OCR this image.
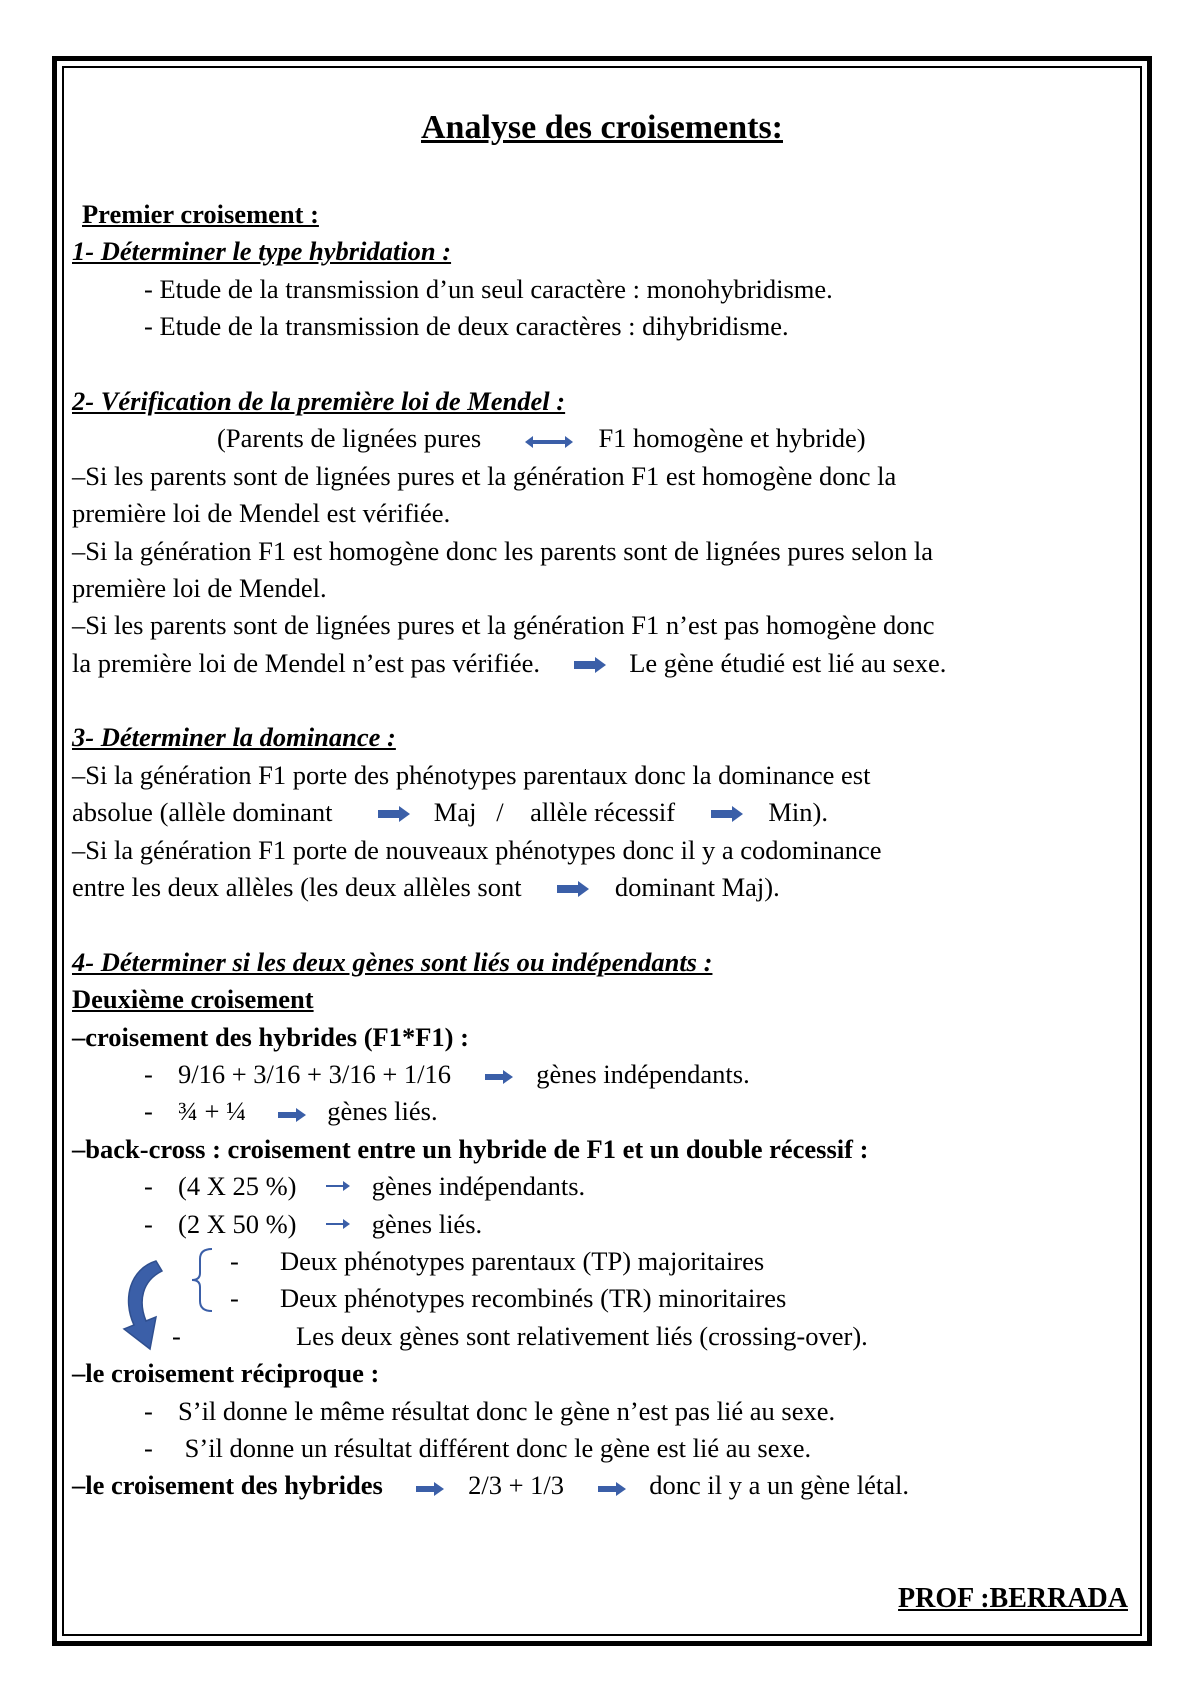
Analyse des croisements:
Premier croisement :
1- Déterminer le type hybridation :
- Etude de la transmission d’un seul caractère : monohybridisme.
- Etude de la transmission de deux caractères : dihybridisme.
2- Vérification de la première loi de Mendel :
(Parents de lignées pures	F1 homogène et hybride)
–Si les parents sont de lignées pures et la génération F1 est homogène donc la
première loi de Mendel est vérifiée.
–Si la génération F1 est homogène donc les parents sont de lignées pures selon la
première loi de Mendel.
–Si les parents sont de lignées pures et la génération F1 n’est pas homogène donc
la première loi de Mendel n’est pas vérifiée.	Le gène étudié est lié au sexe.
3- Déterminer la dominance :
–Si la génération F1 porte des phénotypes parentaux donc la dominance est
absolue (allèle dominant	Maj   /    allèle récessif	Min).
–Si la génération F1 porte de nouveaux phénotypes donc il y a codominance
entre les deux allèles (les deux allèles sont	dominant Maj).
4- Déterminer si les deux gènes sont liés ou indépendants :
Deuxième croisement
–croisement des hybrides (F1*F1) :
- 9/16 + 3/16 + 3/16 + 1/16	gènes indépendants.
- ¾ + ¼	gènes liés.
–back-cross : croisement entre un hybride de F1 et un double récessif :
- (4 X 25 %)	gènes indépendants.
- (2 X 50 %)	gènes liés.
- Deux phénotypes parentaux (TP) majoritaires
- Deux phénotypes recombinés (TR) minoritaires
-	Les deux gènes sont relativement liés (crossing-over).
–le croisement réciproque :
- S’il donne le même résultat donc le gène n’est pas lié au sexe.
- S’il donne un résultat différent donc le gène est lié au sexe.
–le croisement des hybrides	2/3 + 1/3	donc il y a un gène létal.
PROF :BERRADA
